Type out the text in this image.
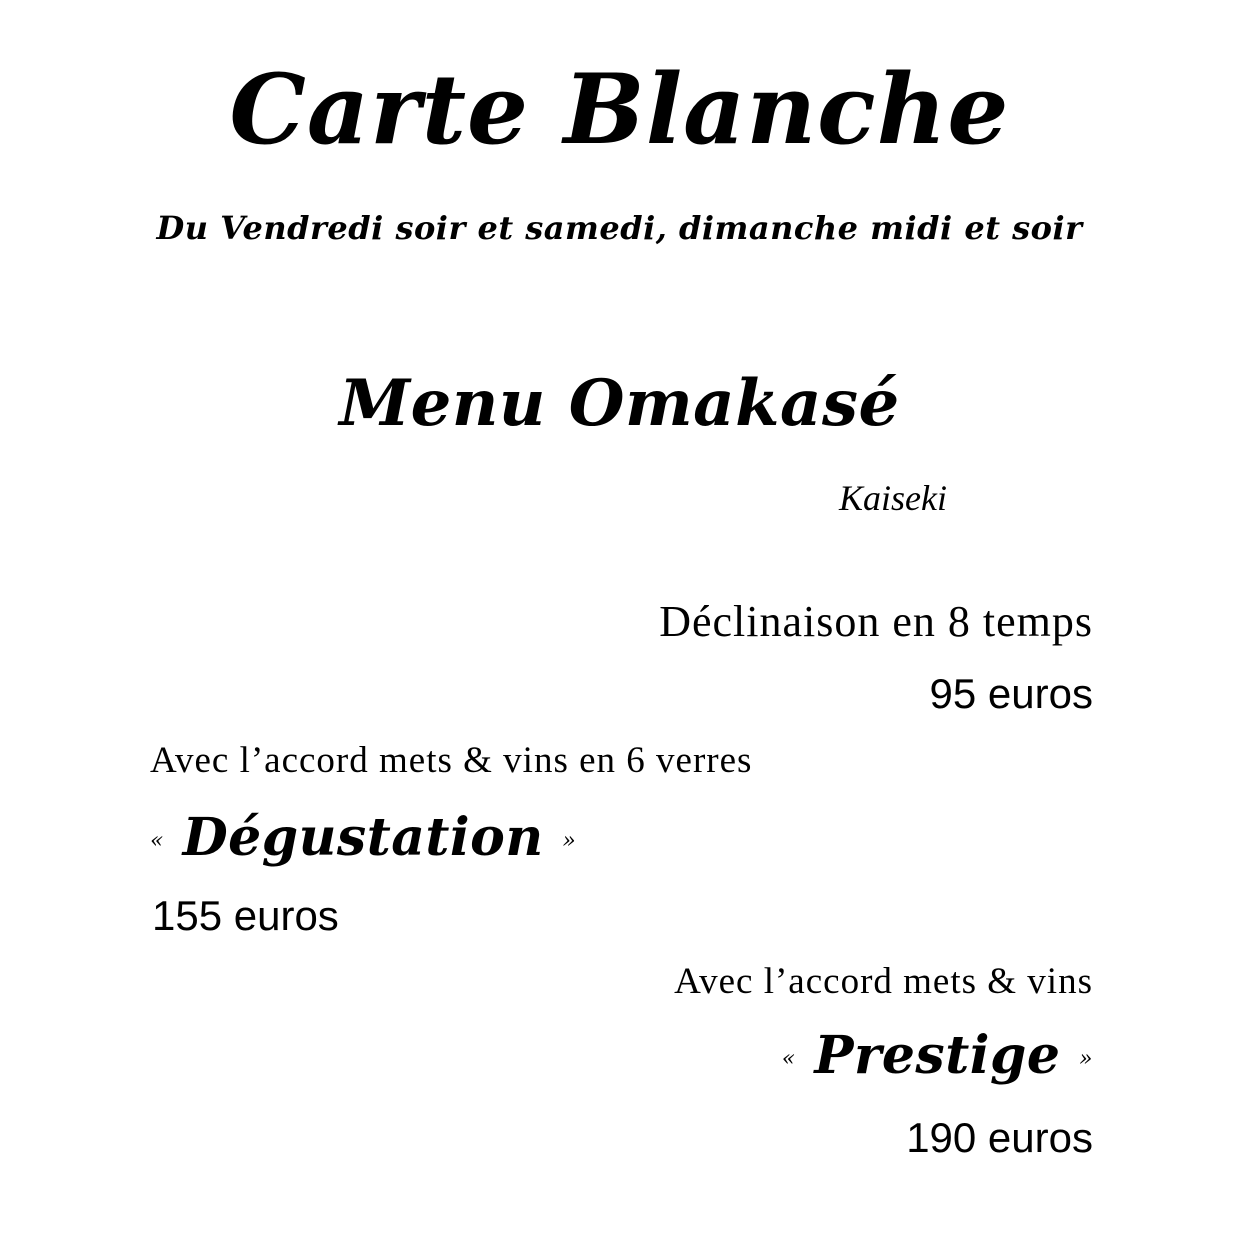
Carte Blanche
Du Vendredi soir et samedi, dimanche midi et soir
Menu Omakasé
Kaiseki
Déclinaison en 8 temps
95 euros
Avec l’accord mets & vins en 6 verres
« Dégustation »
155 euros
Avec l’accord mets & vins
« Prestige »
190 euros
